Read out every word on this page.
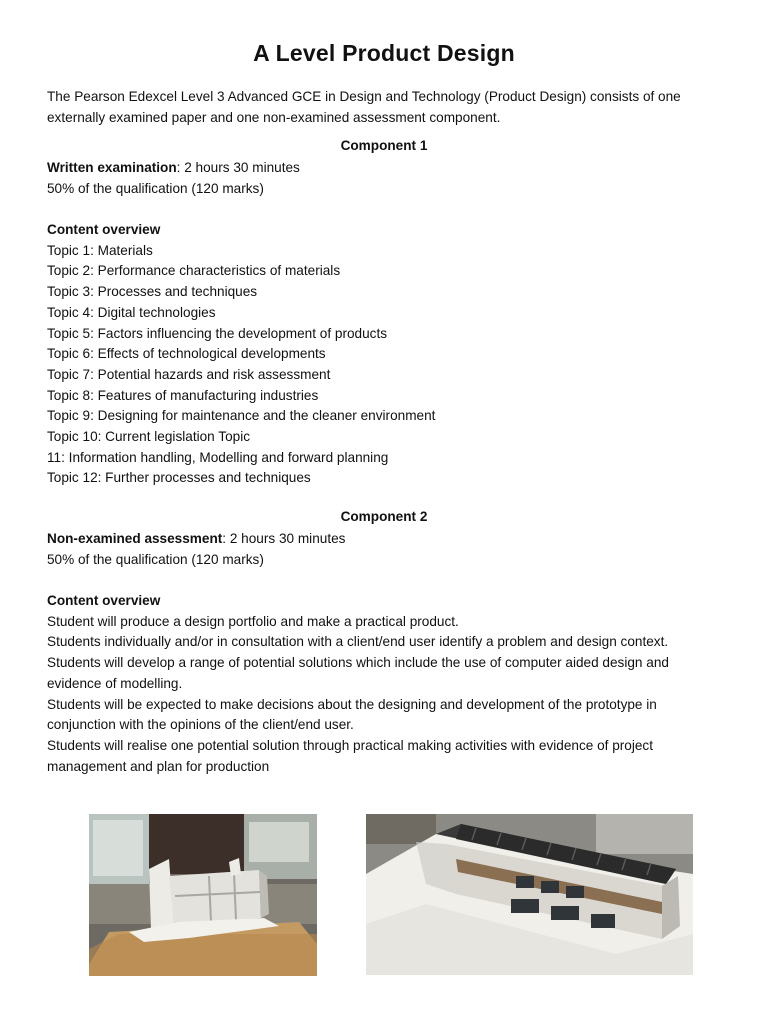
A Level Product Design
The Pearson Edexcel Level 3 Advanced GCE in Design and Technology (Product Design) consists of one externally examined paper and one non-examined assessment component.
Component 1
Written examination: 2 hours 30 minutes
50% of the qualification (120 marks)
Content overview
Topic 1: Materials
Topic 2: Performance characteristics of materials
Topic 3: Processes and techniques
Topic 4: Digital technologies
Topic 5: Factors influencing the development of products
Topic 6: Effects of technological developments
Topic 7: Potential hazards and risk assessment
Topic 8: Features of manufacturing industries
Topic 9: Designing for maintenance and the cleaner environment
Topic 10: Current legislation Topic
11: Information handling, Modelling and forward planning
Topic 12: Further processes and techniques
Component 2
Non-examined assessment: 2 hours 30 minutes
50% of the qualification (120 marks)
Content overview
Student will produce a design portfolio and make a practical product.
Students individually and/or in consultation with a client/end user identify a problem and design context.
Students will develop a range of potential solutions which include the use of computer aided design and evidence of modelling.
Students will be expected to make decisions about the designing and development of the prototype in conjunction with the opinions of the client/end user.
Students will realise one potential solution through practical making activities with evidence of project management and plan for production
